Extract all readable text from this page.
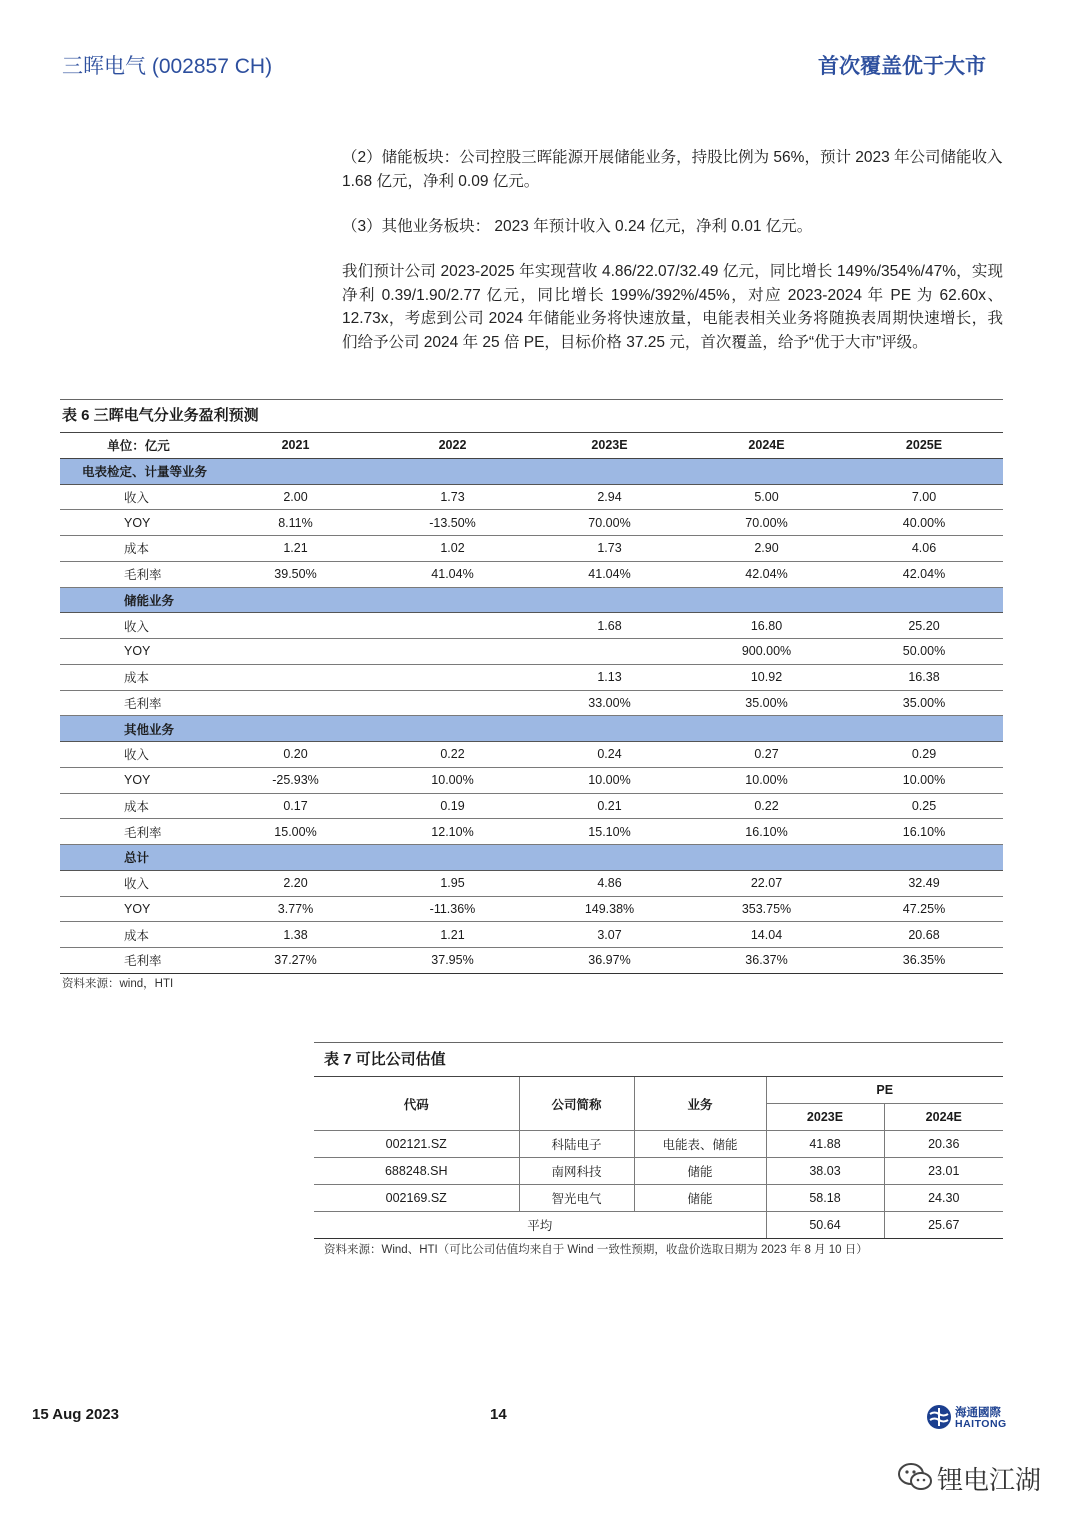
三晖电气 (002857 CH)	首次覆盖优于大市
（2）储能板块：公司控股三晖能源开展储能业务，持股比例为 56%，预计 2023 年公司储能收入 1.68 亿元，净利 0.09 亿元。
（3）其他业务板块： 2023 年预计收入 0.24 亿元，净利 0.01 亿元。
我们预计公司 2023-2025 年实现营收 4.86/22.07/32.49 亿元，同比增长 149%/354%/47%，实现净利 0.39/1.90/2.77 亿元，同比增长 199%/392%/45%，对应 2023-2024 年 PE 为 62.60x、12.73x，考虑到公司 2024 年储能业务将快速放量，电能表相关业务将随换表周期快速增长，我们给予公司 2024 年 25 倍 PE，目标价格 37.25 元，首次覆盖，给予“优于大市”评级。
表 6 三晖电气分业务盈利预测
单位：亿元	2021	2022	2023E	2024E	2025E
电表检定、计量等业务					
收入	2.00	1.73	2.94	5.00	7.00
YOY	8.11%	-13.50%	70.00%	70.00%	40.00%
成本	1.21	1.02	1.73	2.90	4.06
毛利率	39.50%	41.04%	41.04%	42.04%	42.04%
储能业务					
收入			1.68	16.80	25.20
YOY				900.00%	50.00%
成本			1.13	10.92	16.38
毛利率			33.00%	35.00%	35.00%
其他业务					
收入	0.20	0.22	0.24	0.27	0.29
YOY	-25.93%	10.00%	10.00%	10.00%	10.00%
成本	0.17	0.19	0.21	0.22	0.25
毛利率	15.00%	12.10%	15.10%	16.10%	16.10%
总计					
收入	2.20	1.95	4.86	22.07	32.49
YOY	3.77%	-11.36%	149.38%	353.75%	47.25%
成本	1.38	1.21	3.07	14.04	20.68
毛利率	37.27%	37.95%	36.97%	36.37%	36.35%
资料来源：wind，HTI
表 7 可比公司估值
代码	公司简称	业务	PE	
			2023E	2024E
002121.SZ	科陆电子	电能表、储能	41.88	20.36
688248.SH	南网科技	储能	38.03	23.01
002169.SZ	智光电气	储能	58.18	24.30
平均			50.64	25.67
资料来源：Wind、HTI（可比公司估值均来自于 Wind 一致性预期，收盘价选取日期为 2023 年 8 月 10 日）
15 Aug 2023	14	海通國際
HAITONG
锂电江湖
